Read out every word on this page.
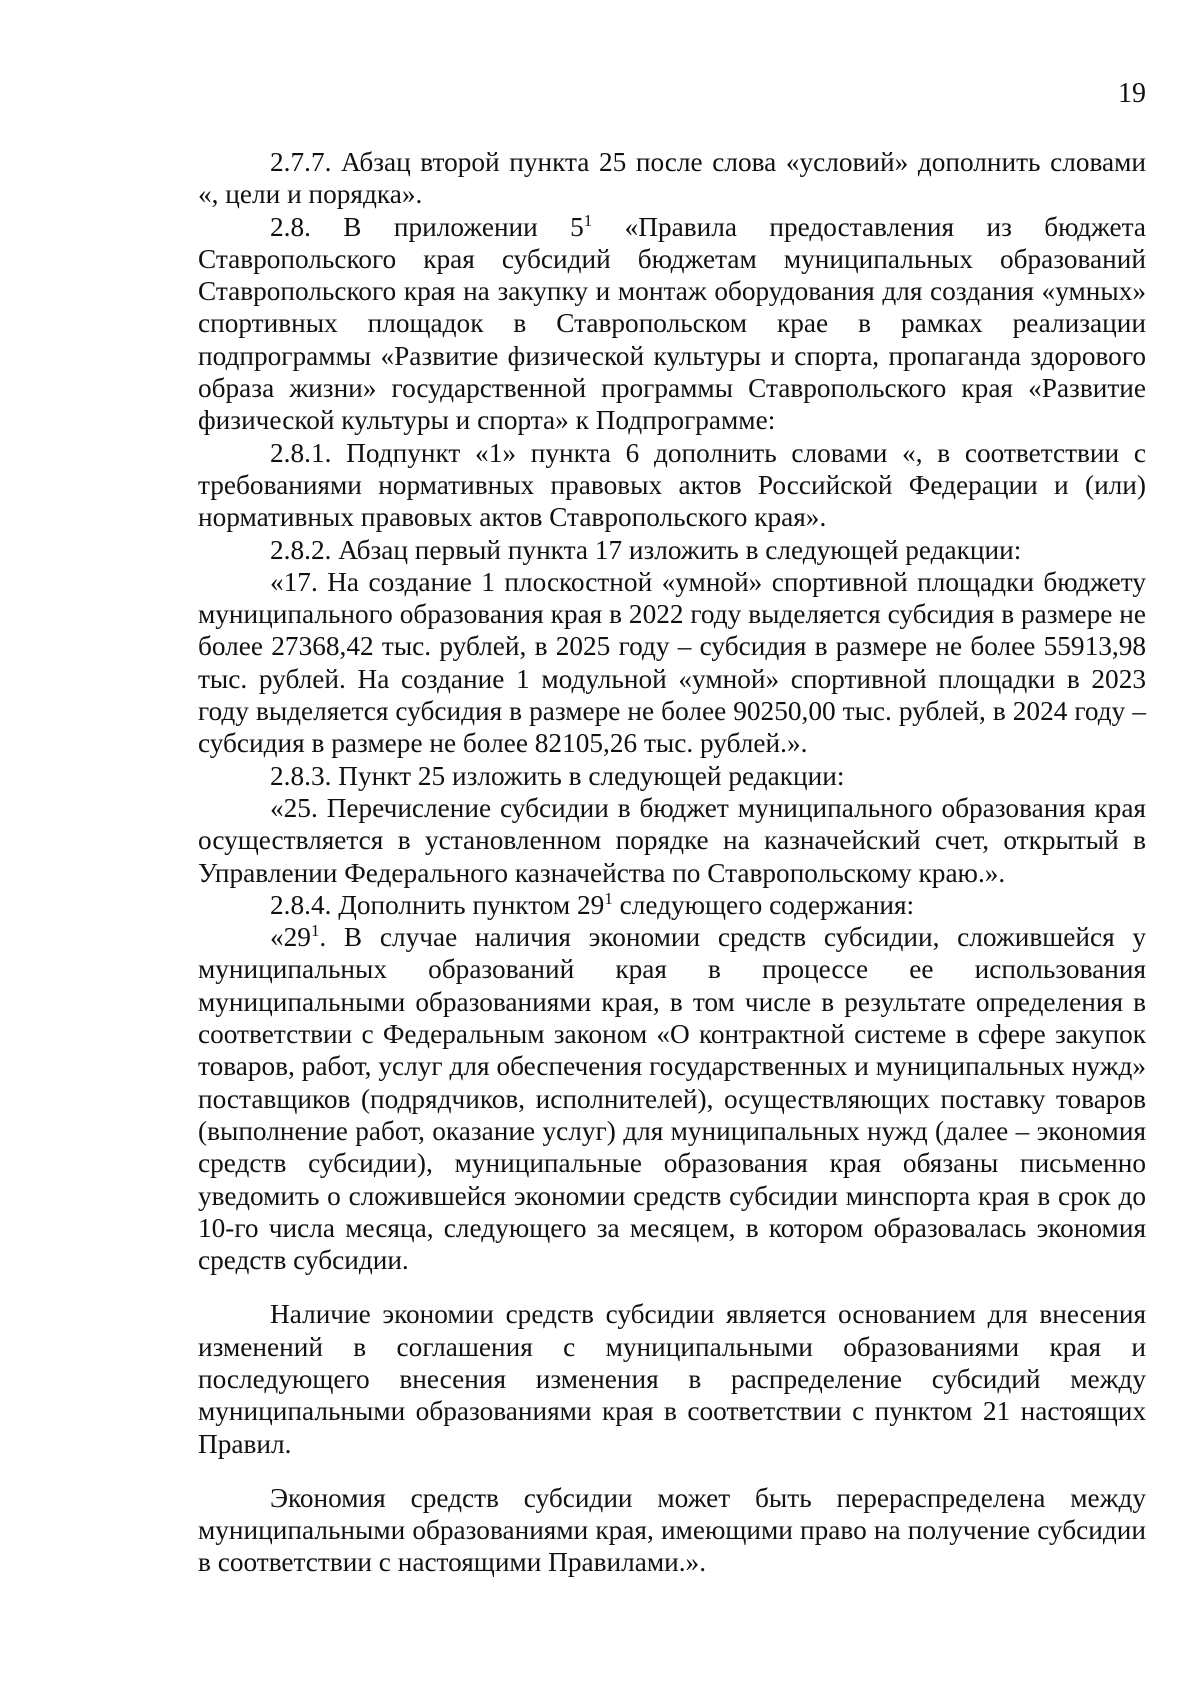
19

2.7.7. Абзац второй пункта 25 после слова «условий» дополнить словами «, цели и порядка».

2.8. В приложении $5^1$ «Правила предоставления из бюджета Ставропольского края субсидий бюджетам муниципальных образований Ставропольского края на закупку и монтаж оборудования для создания «умных» спортивных площадок в Ставропольском крае в рамках реализации подпрограммы «Развитие физической культуры и спорта, пропаганда здорового образа жизни» государственной программы Ставропольского края «Развитие физической культуры и спорта» к Подпрограмме:

2.8.1. Подпункт «1» пункта 6 дополнить словами «, в соответствии с требованиями нормативных правовых актов Российской Федерации и (или) нормативных правовых актов Ставропольского края».

2.8.2. Абзац первый пункта 17 изложить в следующей редакции:

«17. На создание 1 плоскостной «умной» спортивной площадки бюджету муниципального образования края в 2022 году выделяется субсидия в размере не более 27368,42 тыс. рублей, в 2025 году – субсидия в размере не более 55913,98 тыс. рублей. На создание 1 модульной «умной» спортивной площадки в 2023 году выделяется субсидия в размере не более 90250,00 тыс. рублей, в 2024 году – субсидия в размере не более 82105,26 тыс. рублей.».

2.8.3. Пункт 25 изложить в следующей редакции:

«25. Перечисление субсидии в бюджет муниципального образования края осуществляется в установленном порядке на казначейский счет, открытый в Управлении Федерального казначейства по Ставропольскому краю.».

2.8.4. Дополнить пунктом $29^1$ следующего содержания:

«$29^1$. В случае наличия экономии средств субсидии, сложившейся у муниципальных образований края в процессе ее использования муниципальными образованиями края, в том числе в результате определения в соответствии с Федеральным законом «О контрактной системе в сфере закупок товаров, работ, услуг для обеспечения государственных и муниципальных нужд» поставщиков (подрядчиков, исполнителей), осуществляющих поставку товаров (выполнение работ, оказание услуг) для муниципальных нужд (далее – экономия средств субсидии), муниципальные образования края обязаны письменно уведомить о сложившейся экономии средств субсидии минспорта края в срок до 10-го числа месяца, следующего за месяцем, в котором образовалась экономия средств субсидии.

Наличие экономии средств субсидии является основанием для внесения изменений в соглашения с муниципальными образованиями края и последующего внесения изменения в распределение субсидий между муниципальными образованиями края в соответствии с пунктом 21 настоящих Правил.

Экономия средств субсидии может быть перераспределена между муниципальными образованиями края, имеющими право на получение субсидии в соответствии с настоящими Правилами.».
